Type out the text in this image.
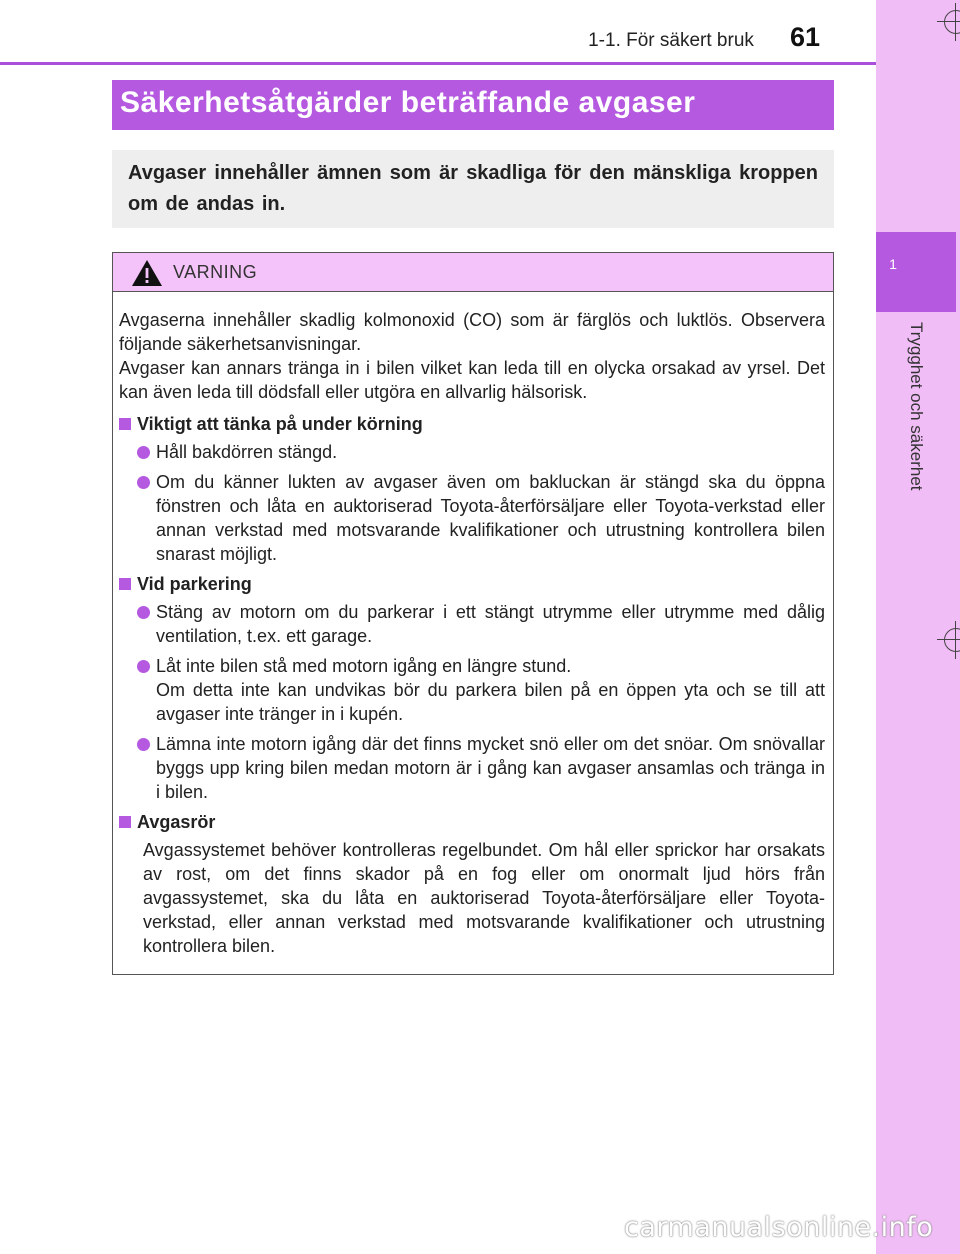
1-1. För säkert bruk	61
1
Trygghet och säkerhet
Säkerhetsåtgärder beträffande avgaser
Avgaser innehåller ämnen som är skadliga för den mänskliga kroppen om de andas in.
VARNING

Avgaserna innehåller skadlig kolmonoxid (CO) som är färglös och luktlös. Observera följande säkerhetsanvisningar.

Avgaser kan annars tränga in i bilen vilket kan leda till en olycka orsakad av yrsel. Det kan även leda till dödsfall eller utgöra en allvarlig hälsorisk.

Viktigt att tänka på under körning
Håll bakdörren stängd.
Om du känner lukten av avgaser även om bakluckan är stängd ska du öppna fönstren och låta en auktoriserad Toyota-återförsäljare eller Toyota-verkstad eller annan verkstad med motsvarande kvalifikationer och utrustning kontrollera bilen snarast möjligt.
Vid parkering
Stäng av motorn om du parkerar i ett stängt utrymme eller utrymme med dålig ventilation, t.ex. ett garage.
Låt inte bilen stå med motorn igång en längre stund.
Om detta inte kan undvikas bör du parkera bilen på en öppen yta och se till att avgaser inte tränger in i kupén.
Lämna inte motorn igång där det finns mycket snö eller om det snöar. Om snövallar byggs upp kring bilen medan motorn är i gång kan avgaser ansamlas och tränga in i bilen.
Avgasrör
Avgassystemet behöver kontrolleras regelbundet. Om hål eller sprickor har orsakats av rost, om det finns skador på en fog eller om onormalt ljud hörs från avgassystemet, ska du låta en auktoriserad Toyota-återförsäljare eller Toyota-verkstad, eller annan verkstad med motsvarande kvalifikationer och utrustning kontrollera bilen.
carmanualsonline.info
